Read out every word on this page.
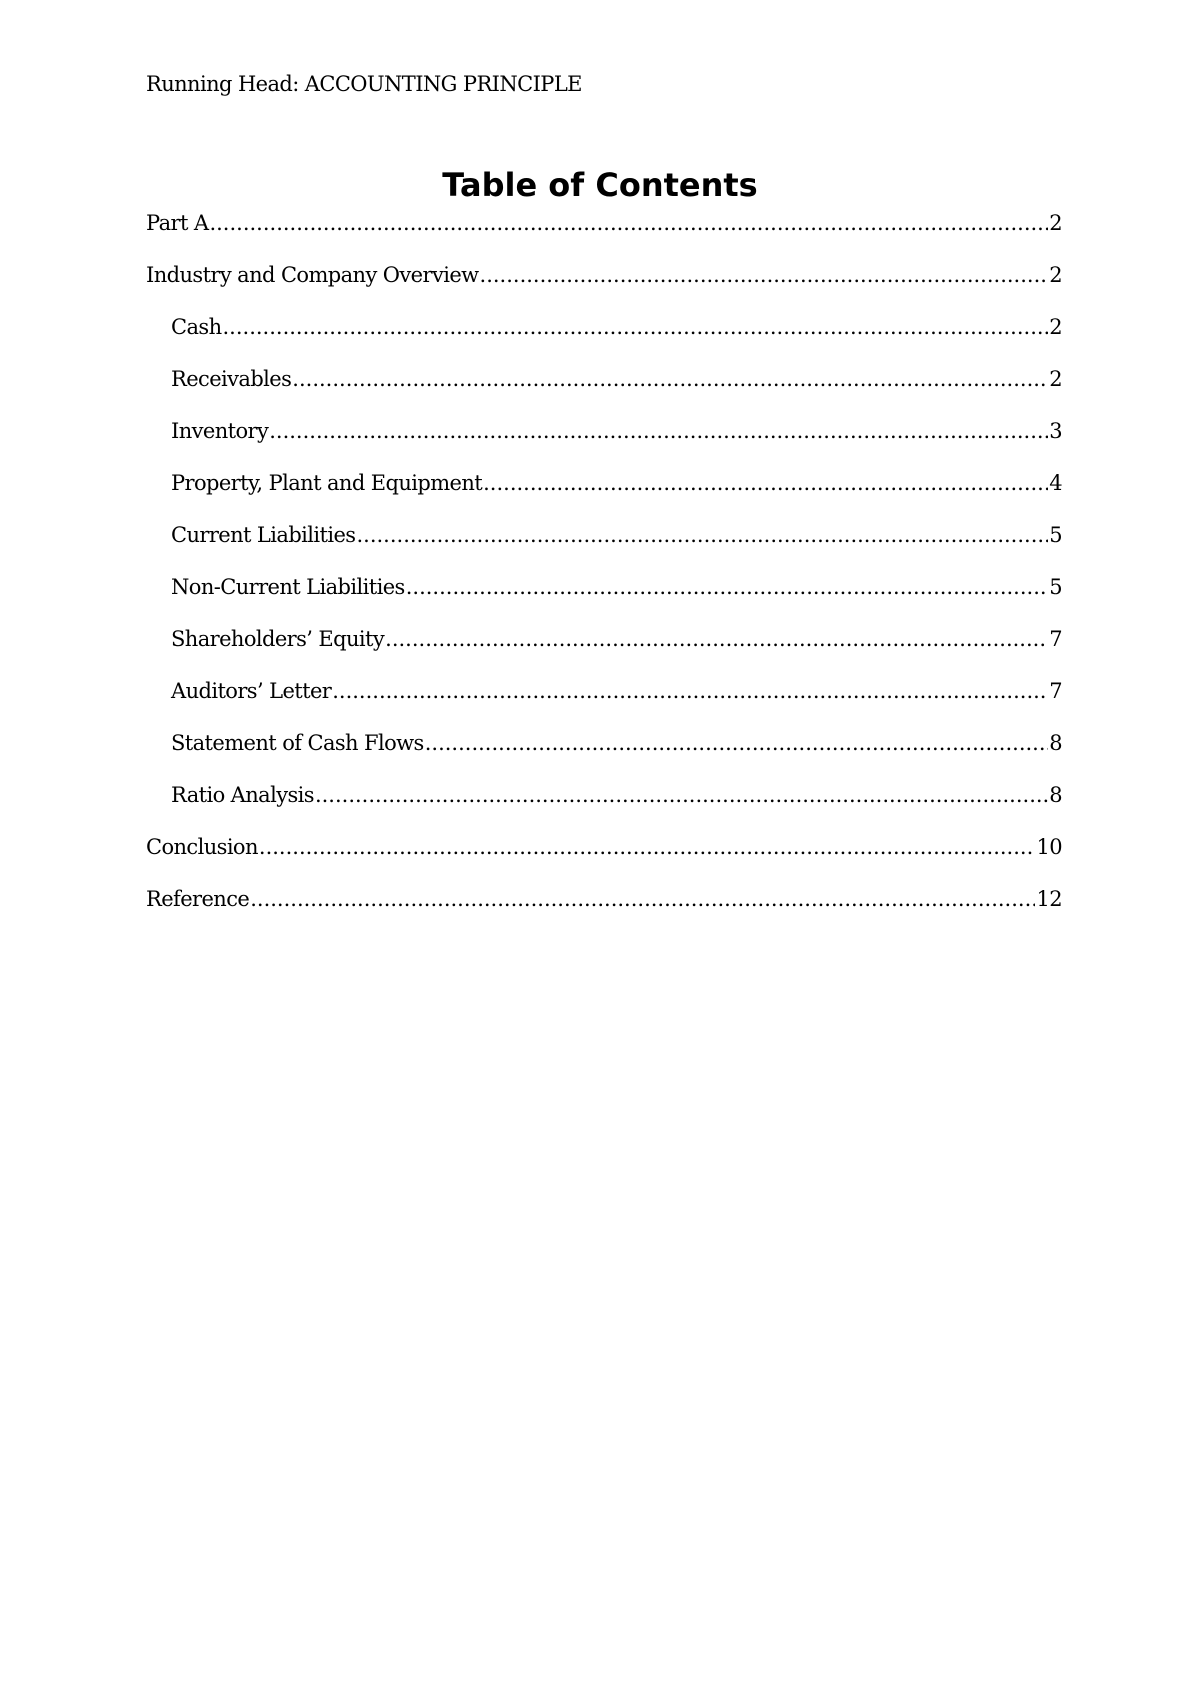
Running Head: ACCOUNTING PRINCIPLE
Table of Contents
Part A .....	2
Industry and Company Overview .....	2
Cash .....	2
Receivables .....	2
Inventory .....	3
Property, Plant and Equipment .....	4
Current Liabilities .....	5
Non-Current Liabilities .....	5
Shareholders’ Equity .....	7
Auditors’ Letter .....	7
Statement of Cash Flows .....	8
Ratio Analysis .....	8
Conclusion .....	10
Reference .....	12
